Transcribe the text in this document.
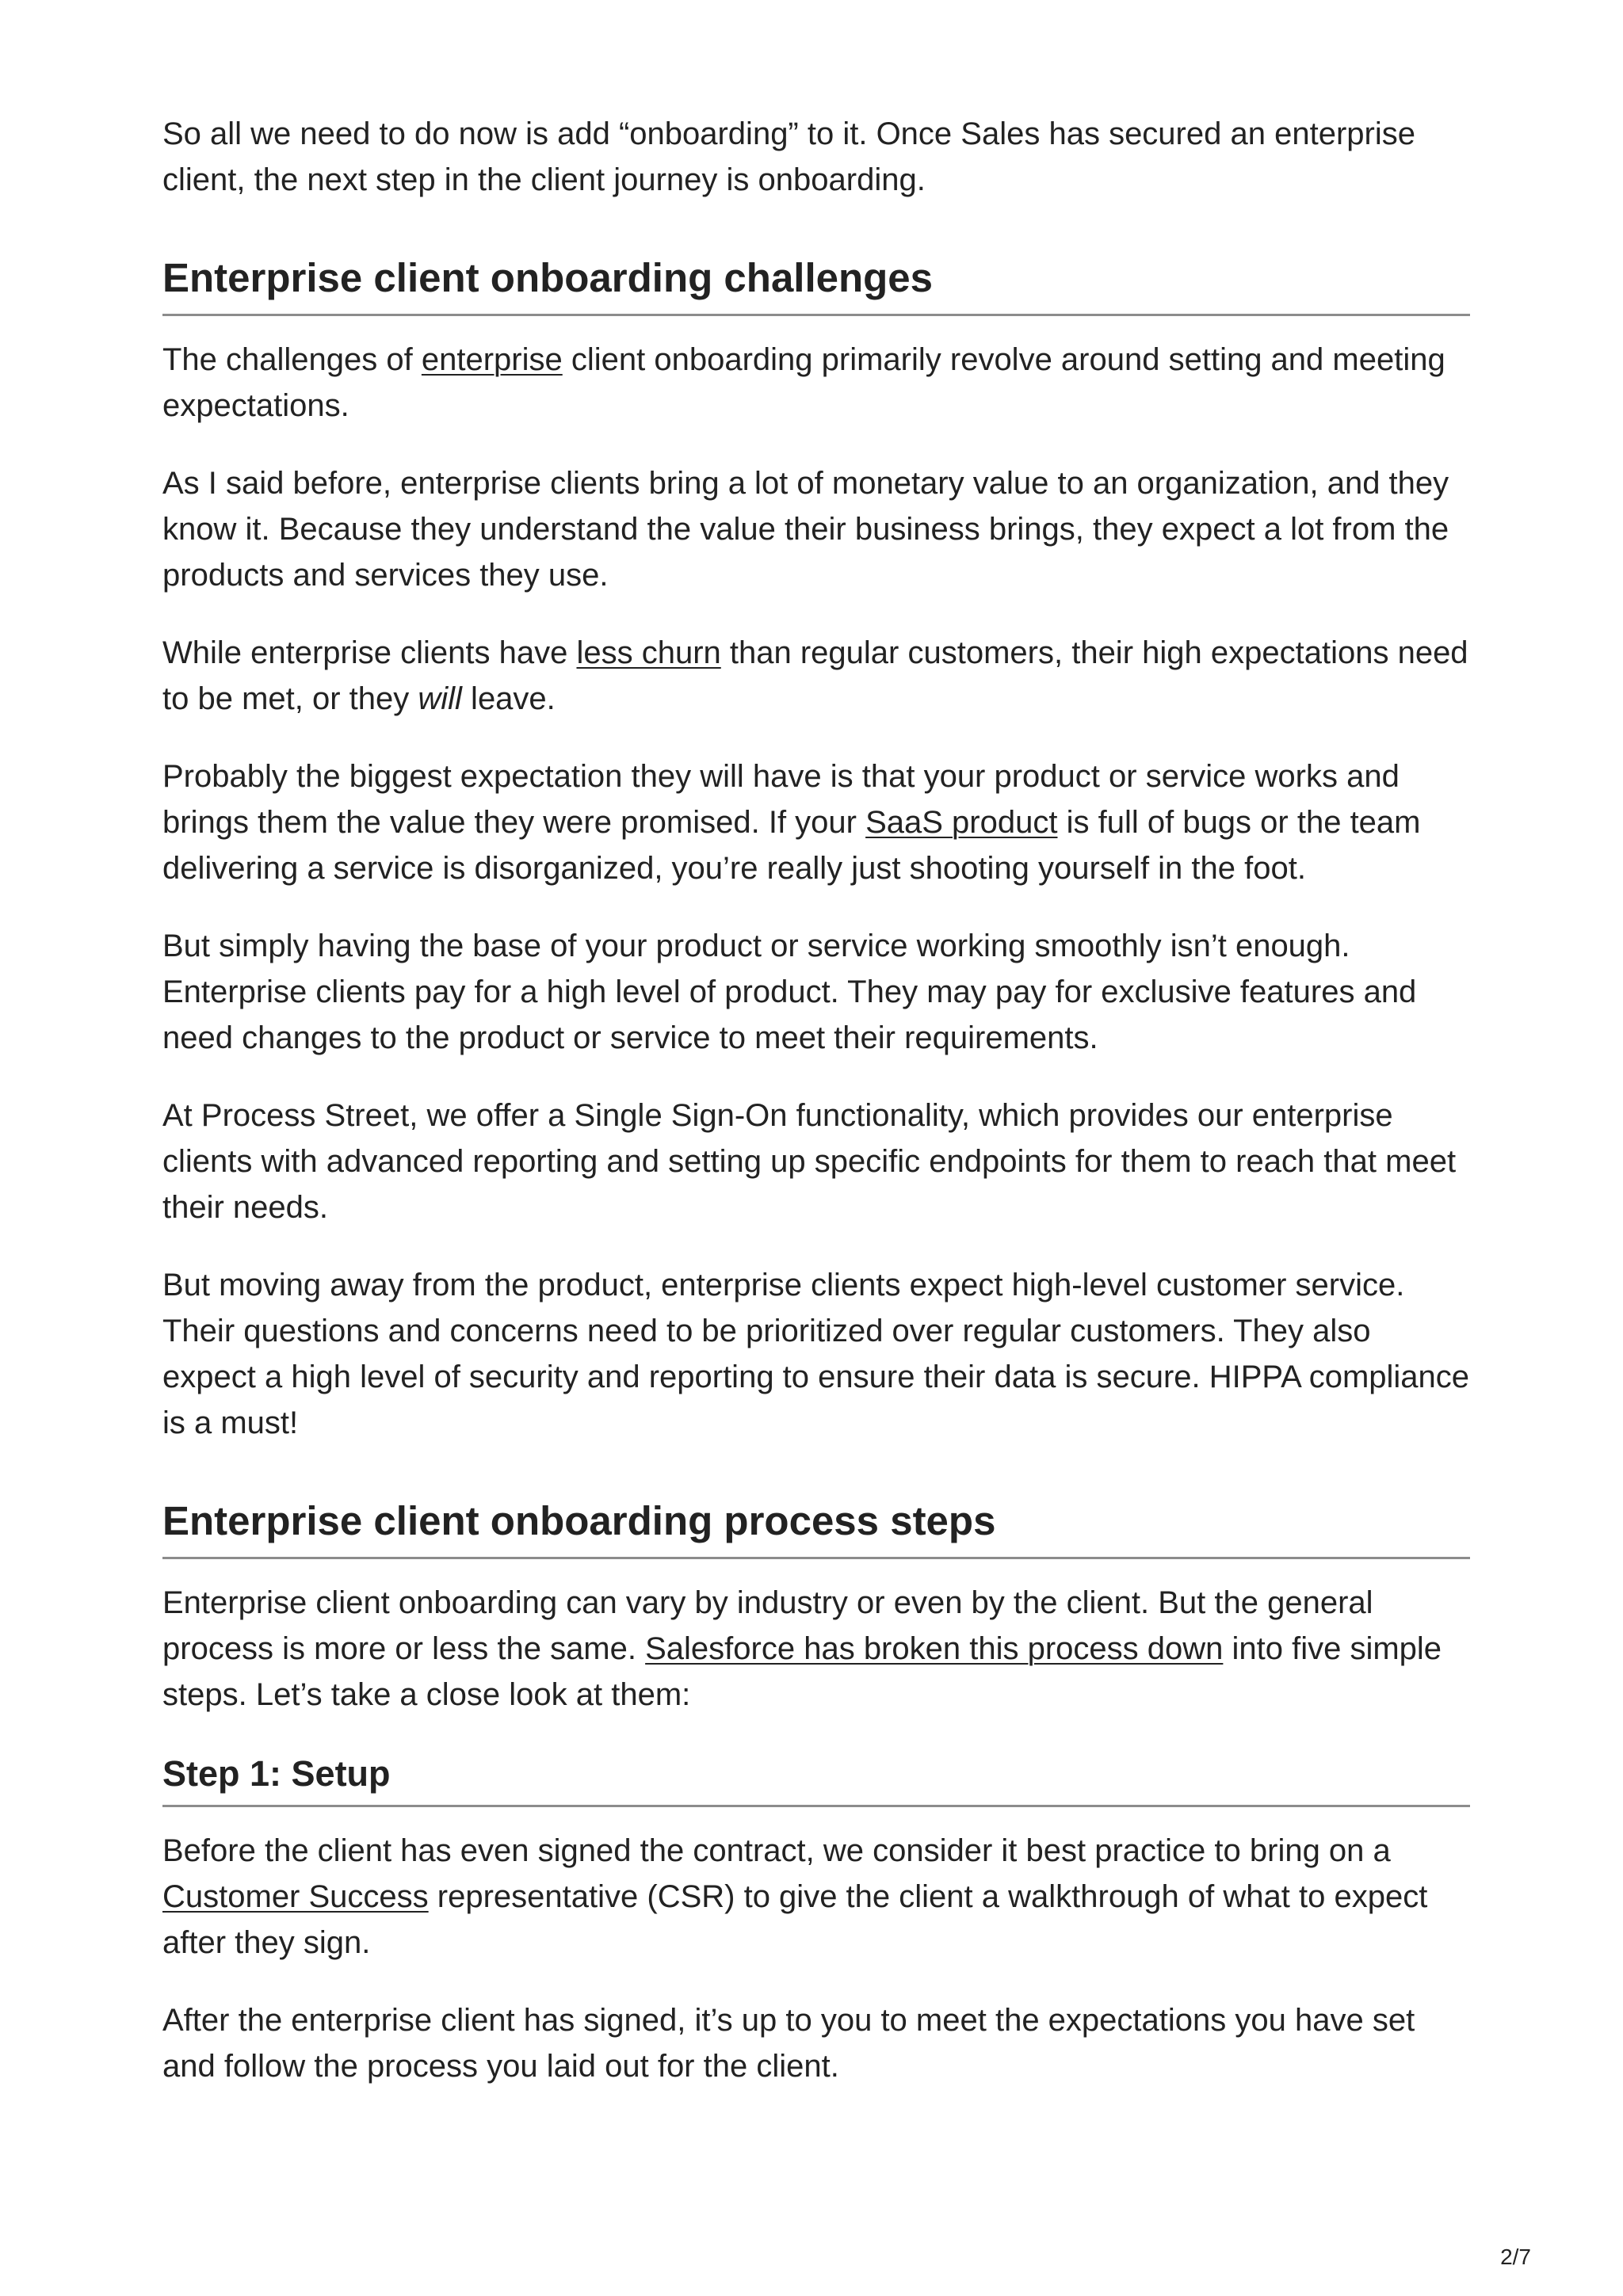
So all we need to do now is add “onboarding” to it. Once Sales has secured an enterprise client, the next step in the client journey is onboarding.

Enterprise client onboarding challenges

The challenges of enterprise client onboarding primarily revolve around setting and meeting expectations.

As I said before, enterprise clients bring a lot of monetary value to an organization, and they know it. Because they understand the value their business brings, they expect a lot from the products and services they use.

While enterprise clients have less churn than regular customers, their high expectations need to be met, or they will leave.

Probably the biggest expectation they will have is that your product or service works and brings them the value they were promised. If your SaaS product is full of bugs or the team delivering a service is disorganized, you’re really just shooting yourself in the foot.

But simply having the base of your product or service working smoothly isn’t enough. Enterprise clients pay for a high level of product. They may pay for exclusive features and need changes to the product or service to meet their requirements.

At Process Street, we offer a Single Sign-On functionality, which provides our enterprise clients with advanced reporting and setting up specific endpoints for them to reach that meet their needs.

But moving away from the product, enterprise clients expect high-level customer service. Their questions and concerns need to be prioritized over regular customers. They also expect a high level of security and reporting to ensure their data is secure. HIPPA compliance is a must!

Enterprise client onboarding process steps

Enterprise client onboarding can vary by industry or even by the client. But the general process is more or less the same. Salesforce has broken this process down into five simple steps. Let’s take a close look at them:

Step 1: Setup

Before the client has even signed the contract, we consider it best practice to bring on a Customer Success representative (CSR) to give the client a walkthrough of what to expect after they sign.

After the enterprise client has signed, it’s up to you to meet the expectations you have set and follow the process you laid out for the client.

2/7
